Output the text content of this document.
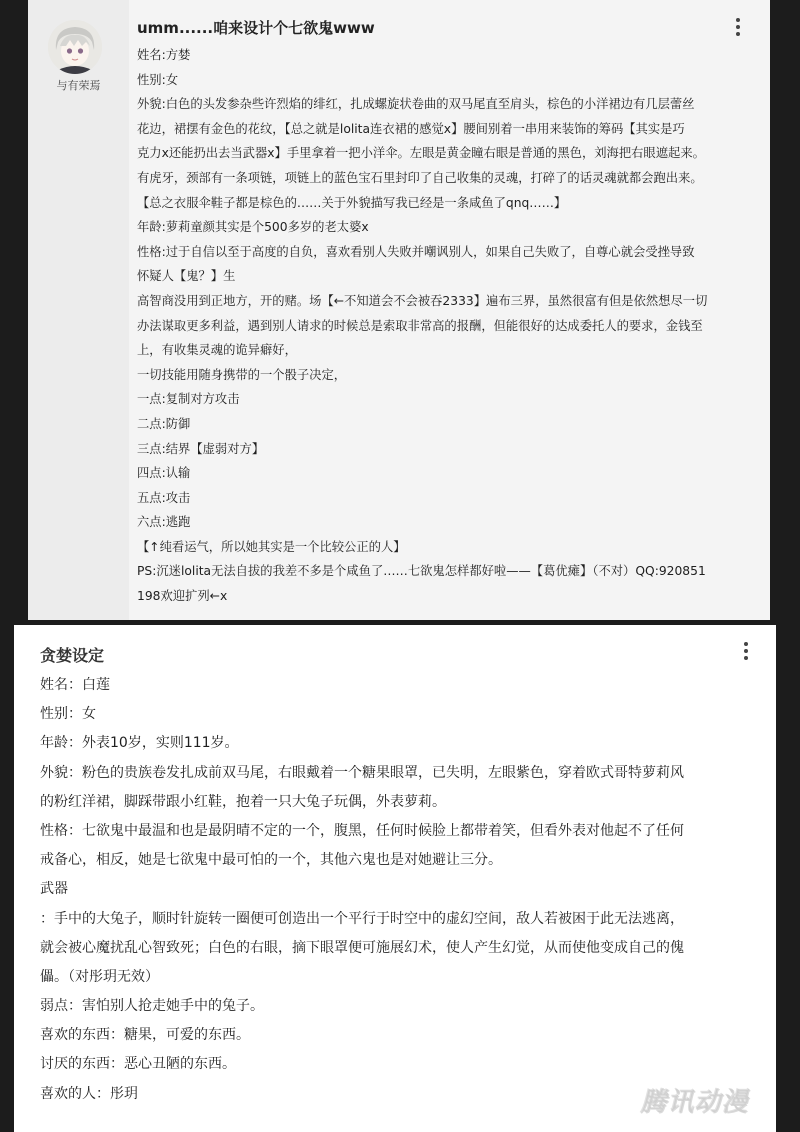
与有荣焉
umm......咱来设计个七欲鬼www
姓名:方婪
性别:女
外貌:白色的头发参杂些许烈焰的绯红，扎成螺旋状卷曲的双马尾直至肩头，棕色的小洋裙边有几层蕾丝
花边，裙摆有金色的花纹，【总之就是lolita连衣裙的感觉x】腰间别着一串用来装饰的筹码【其实是巧
克力x还能扔出去当武器x】手里拿着一把小洋伞。左眼是黄金瞳右眼是普通的黑色，刘海把右眼遮起来。
有虎牙，颈部有一条项链，项链上的蓝色宝石里封印了自己收集的灵魂，打碎了的话灵魂就都会跑出来。
【总之衣服伞鞋子都是棕色的……关于外貌描写我已经是一条咸鱼了qnq……】
年龄:萝莉童颜其实是个500多岁的老太婆x
性格:过于自信以至于高度的自负，喜欢看别人失败并嘲讽别人，如果自己失败了，自尊心就会受挫导致
怀疑人【鬼？】生
高智商没用到正地方，开的赌。场【←不知道会不会被吞2333】遍布三界，虽然很富有但是依然想尽一切
办法谋取更多利益，遇到别人请求的时候总是索取非常高的报酬，但能很好的达成委托人的要求，金钱至
上，有收集灵魂的诡异癖好，
一切技能用随身携带的一个骰子决定，
一点:复制对方攻击
二点:防御
三点:结界【虚弱对方】
四点:认输
五点:攻击
六点:逃跑
【↑纯看运气，所以她其实是一个比较公正的人】
PS:沉迷lolita无法自拔的我差不多是个咸鱼了……七欲鬼怎样都好啦——【葛优瘫】（不对）QQ:920851
198欢迎扩列←x
贪婪设定
姓名：白莲
性别：女
年龄：外表10岁，实则111岁。
外貌：粉色的贵族卷发扎成前双马尾，右眼戴着一个糖果眼罩，已失明，左眼紫色，穿着欧式哥特萝莉风
的粉红洋裙，脚踩带跟小红鞋，抱着一只大兔子玩偶，外表萝莉。
性格：七欲鬼中最温和也是最阴晴不定的一个，腹黑，任何时候脸上都带着笑，但看外表对他起不了任何
戒备心，相反，她是七欲鬼中最可怕的一个，其他六鬼也是对她避让三分。
武器
：手中的大兔子，顺时针旋转一圈便可创造出一个平行于时空中的虚幻空间，敌人若被困于此无法逃离，
就会被心魔扰乱心智致死；白色的右眼，摘下眼罩便可施展幻术，使人产生幻觉，从而使他变成自己的傀
儡。（对彤玥无效）
弱点：害怕别人抢走她手中的兔子。
喜欢的东西：糖果，可爱的东西。
讨厌的东西：恶心丑陋的东西。
喜欢的人：彤玥	腾讯动漫
